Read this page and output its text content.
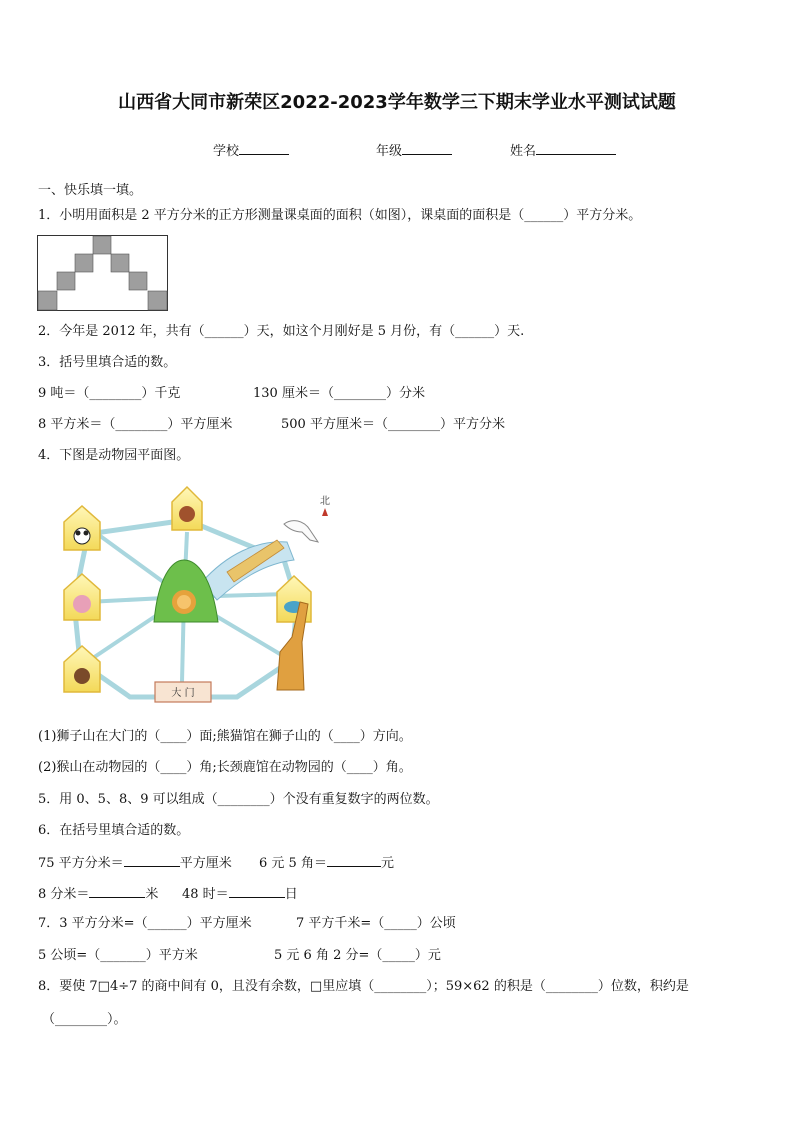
山西省大同市新荣区2022-2023学年数学三下期末学业水平测试试题
学校	年级	姓名
一、快乐填一填。
1．小明用面积是 2 平方分米的正方形测量课桌面的面积（如图），课桌面的面积是（______）平方分米。
2．今年是 2012 年，共有（______）天，如这个月刚好是 5 月份，有（______）天.
3．括号里填合适的数。
9 吨＝（________）千克	130 厘米＝（________）分米
8 平方米＝（________）平方厘米	500 平方厘米＝（________）平方分米
4．下图是动物园平面图。
大 门
北
(1)狮子山在大门的（____）面;熊猫馆在狮子山的（____）方向。
(2)猴山在动物园的（____）角;长颈鹿馆在动物园的（____）角。
5．用 0、5、8、9 可以组成（________）个没有重复数字的两位数。
6．在括号里填合适的数。
75 平方分米＝	平方厘米 6 元 5 角＝	元
8 分米＝	米 48 时＝	日
7．3 平方分米=（______）平方厘米	7 平方千米=（_____）公顷
5 公顷=（_______）平方米	5 元 6 角 2 分=（_____）元
8．要使 7□4÷7 的商中间有 0，且没有余数，□里应填（________）；59×62 的积是（________）位数，积约是
（________）。
